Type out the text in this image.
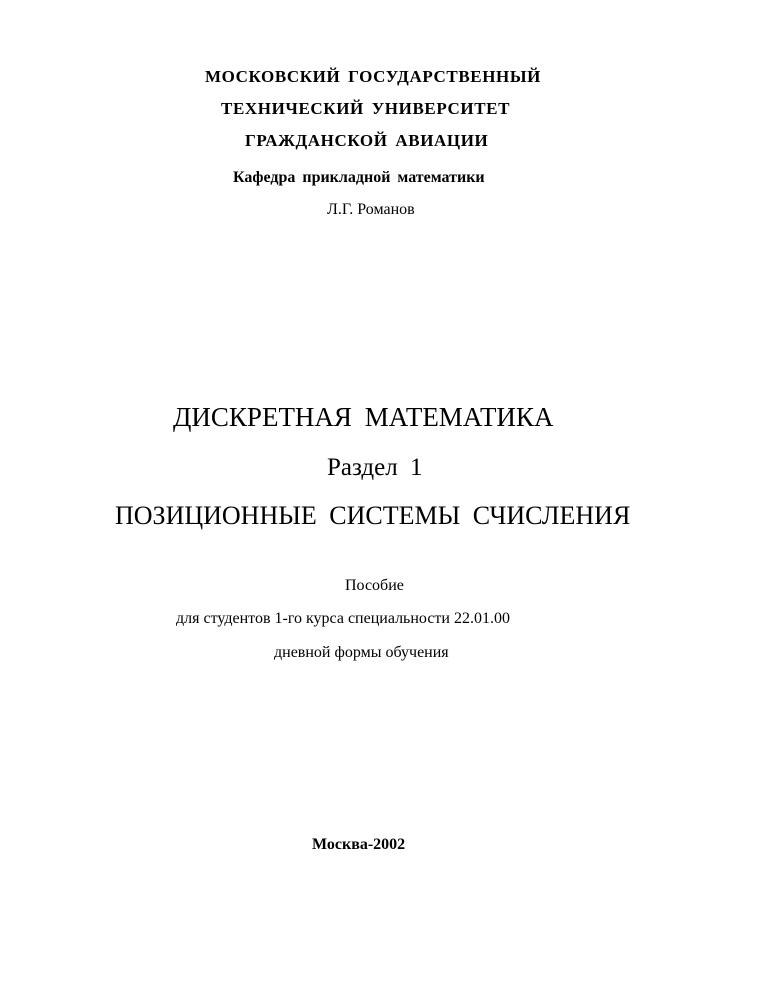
МОСКОВСКИЙ ГОСУДАРСТВЕННЫЙ
ТЕХНИЧЕСКИЙ УНИВЕРСИТЕТ
ГРАЖДАНСКОЙ АВИАЦИИ
Кафедра прикладной математики
Л.Г. Романов
ДИСКРЕТНАЯ МАТЕМАТИКА
Раздел 1
ПОЗИЦИОННЫЕ СИСТЕМЫ СЧИСЛЕНИЯ
Пособие
для студентов 1-го курса специальности 22.01.00
дневной формы обучения
Москва-2002
